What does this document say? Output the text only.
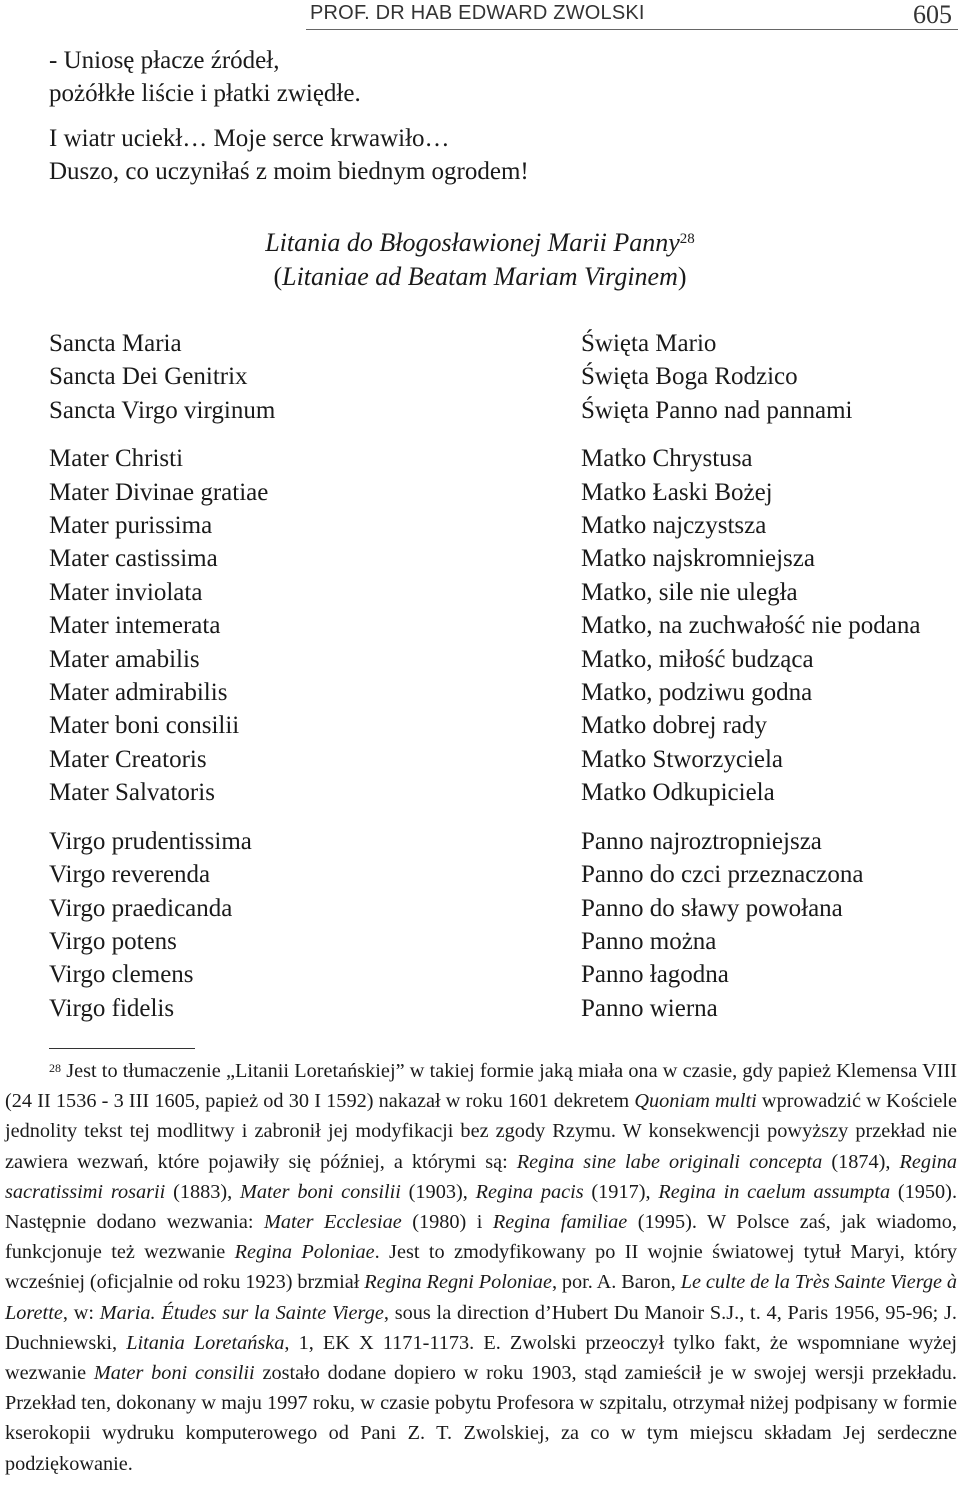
PROF. DR HAB EDWARD ZWOLSKI	605
- Uniosę płacze źródeł,
pożółkłe liście i płatki zwiędłe.
I wiatr uciekł… Moje serce krwawiło…
Duszo, co uczyniłaś z moim biednym ogrodem!
Litania do Błogosławionej Marii Panny$^{28}$
(Litaniae ad Beatam Mariam Virginem)
Sancta Maria
Sancta Dei Genitrix
Sancta Virgo virginum
Mater Christi
Mater Divinae gratiae
Mater purissima
Mater castissima
Mater inviolata
Mater intemerata
Mater amabilis
Mater admirabilis
Mater boni consilii
Mater Creatoris
Mater Salvatoris
Virgo prudentissima
Virgo reverenda
Virgo praedicanda
Virgo potens
Virgo clemens
Virgo fidelis
Święta Mario
Święta Boga Rodzico
Święta Panno nad pannami
Matko Chrystusa
Matko Łaski Bożej
Matko najczystsza
Matko najskromniejsza
Matko, sile nie uległa
Matko, na zuchwałość nie podana
Matko, miłość budząca
Matko, podziwu godna
Matko dobrej rady
Matko Stworzyciela
Matko Odkupiciela
Panno najroztropniejsza
Panno do czci przeznaczona
Panno do sławy powołana
Panno można
Panno łagodna
Panno wierna
$^{28}$ Jest to tłumaczenie „Litanii Loretańskiej” w takiej formie jaką miała ona w czasie, gdy papież Klemensa VIII (24 II 1536 - 3 III 1605, papież od 30 I 1592) nakazał w roku 1601 dekretem Quoniam multi wprowadzić w Kościele jednolity tekst tej modlitwy i zabronił jej modyfikacji bez zgody Rzymu. W konsekwencji powyższy przekład nie zawiera wezwań, które pojawiły się później, a którymi są: Regina sine labe originali concepta (1874), Regina sacratissimi rosarii (1883), Mater boni consilii (1903), Regina pacis (1917), Regina in caelum assumpta (1950). Następnie dodano wezwania: Mater Ecclesiae (1980) i Regina familiae (1995). W Polsce zaś, jak wiadomo, funkcjonuje też wezwanie Regina Poloniae. Jest to zmodyfikowany po II wojnie światowej tytuł Maryi, który wcześniej (oficjalnie od roku 1923) brzmiał Regina Regni Poloniae, por. A. Baron, Le culte de la Très Sainte Vierge à Lorette, w: Maria. Études sur la Sainte Vierge, sous la direction d’Hubert Du Manoir S.J., t. 4, Paris 1956, 95-96; J. Duchniewski, Litania Loretańska, 1, EK X 1171-1173. E. Zwolski przeoczył tylko fakt, że wspomniane wyżej wezwanie Mater boni consilii zostało dodane dopiero w roku 1903, stąd zamieścił je w swojej wersji przekładu. Przekład ten, dokonany w maju 1997 roku, w czasie pobytu Profesora w szpitalu, otrzymał niżej podpisany w formie kserokopii wydruku komputerowego od Pani Z. T. Zwolskiej, za co w tym miejscu składam Jej serdeczne podziękowanie.
